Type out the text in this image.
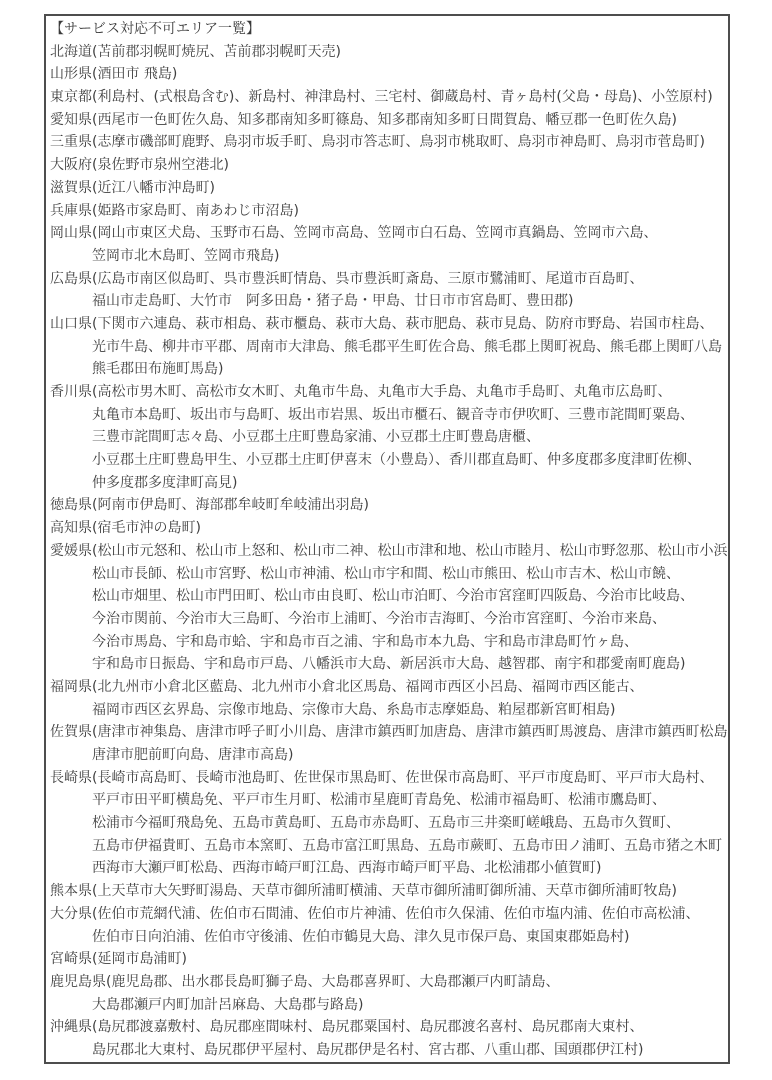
【サービス対応不可エリア一覧】
北海道(苫前郡羽幌町焼尻、苫前郡羽幌町天売)
山形県(酒田市 飛島)
東京都(利島村、(式根島含む)、新島村、神津島村、三宅村、御蔵島村、青ヶ島村(父島・母島)、小笠原村)
愛知県(西尾市一色町佐久島、知多郡南知多町篠島、知多郡南知多町日間賀島、幡豆郡一色町佐久島)
三重県(志摩市磯部町鹿野、鳥羽市坂手町、鳥羽市答志町、鳥羽市桃取町、鳥羽市神島町、鳥羽市菅島町)
大阪府(泉佐野市泉州空港北)
滋賀県(近江八幡市沖島町)
兵庫県(姫路市家島町、南あわじ市沼島)
岡山県(岡山市東区犬島、玉野市石島、笠岡市高島、笠岡市白石島、笠岡市真鍋島、笠岡市六島、
笠岡市北木島町、笠岡市飛島)
広島県(広島市南区似島町、呉市豊浜町情島、呉市豊浜町斎島、三原市鷺浦町、尾道市百島町、
福山市走島町、大竹市　阿多田島・猪子島・甲島、廿日市市宮島町、豊田郡)
山口県(下関市六連島、萩市相島、萩市櫃島、萩市大島、萩市肥島、萩市見島、防府市野島、岩国市柱島、
光市牛島、柳井市平郡、周南市大津島、熊毛郡平生町佐合島、熊毛郡上関町祝島、熊毛郡上関町八島
熊毛郡田布施町馬島)
香川県(高松市男木町、高松市女木町、丸亀市牛島、丸亀市大手島、丸亀市手島町、丸亀市広島町、
丸亀市本島町、坂出市与島町、坂出市岩黒、坂出市櫃石、観音寺市伊吹町、三豊市詫間町粟島、
三豊市詫間町志々島、小豆郡土庄町豊島家浦、小豆郡土庄町豊島唐櫃、
小豆郡土庄町豊島甲生、小豆郡土庄町伊喜末（小豊島）、香川郡直島町、仲多度郡多度津町佐柳、
仲多度郡多度津町高見)
徳島県(阿南市伊島町、海部郡牟岐町牟岐浦出羽島)
高知県(宿毛市沖の島町)
愛媛県(松山市元怒和、松山市上怒和、松山市二神、松山市津和地、松山市睦月、松山市野忽那、松山市小浜
松山市長師、松山市宮野、松山市神浦、松山市宇和間、松山市熊田、松山市吉木、松山市饒、
松山市畑里、松山市門田町、松山市由良町、松山市泊町、今治市宮窪町四阪島、今治市比岐島、
今治市関前、今治市大三島町、今治市上浦町、今治市吉海町、今治市宮窪町、今治市来島、
今治市馬島、宇和島市蛤、宇和島市百之浦、宇和島市本九島、宇和島市津島町竹ヶ島、
宇和島市日振島、宇和島市戸島、八幡浜市大島、新居浜市大島、越智郡、南宇和郡愛南町鹿島)
福岡県(北九州市小倉北区藍島、北九州市小倉北区馬島、福岡市西区小呂島、福岡市西区能古、
福岡市西区玄界島、宗像市地島、宗像市大島、糸島市志摩姫島、粕屋郡新宮町相島)
佐賀県(唐津市神集島、唐津市呼子町小川島、唐津市鎮西町加唐島、唐津市鎮西町馬渡島、唐津市鎮西町松島
唐津市肥前町向島、唐津市高島)
長崎県(長崎市高島町、長崎市池島町、佐世保市黒島町、佐世保市高島町、平戸市度島町、平戸市大島村、
平戸市田平町横島免、平戸市生月町、松浦市星鹿町青島免、松浦市福島町、松浦市鷹島町、
松浦市今福町飛島免、五島市黄島町、五島市赤島町、五島市三井楽町嵯峨島、五島市久賀町、
五島市伊福貴町、五島市本窯町、五島市富江町黒島、五島市蕨町、五島市田ノ浦町、五島市猪之木町
西海市大瀬戸町松島、西海市崎戸町江島、西海市崎戸町平島、北松浦郡小値賀町)
熊本県(上天草市大矢野町湯島、天草市御所浦町横浦、天草市御所浦町御所浦、天草市御所浦町牧島)
大分県(佐伯市荒網代浦、佐伯市石間浦、佐伯市片神浦、佐伯市久保浦、佐伯市塩内浦、佐伯市高松浦、
佐伯市日向泊浦、佐伯市守後浦、佐伯市鶴見大島、津久見市保戸島、東国東郡姫島村)
宮崎県(延岡市島浦町)
鹿児島県(鹿児島郡、出水郡長島町獅子島、大島郡喜界町、大島郡瀬戸内町請島、
大島郡瀬戸内町加計呂麻島、大島郡与路島)
沖縄県(島尻郡渡嘉敷村、島尻郡座間味村、島尻郡粟国村、島尻郡渡名喜村、島尻郡南大東村、
島尻郡北大東村、島尻郡伊平屋村、島尻郡伊是名村、宮古郡、八重山郡、国頭郡伊江村)
